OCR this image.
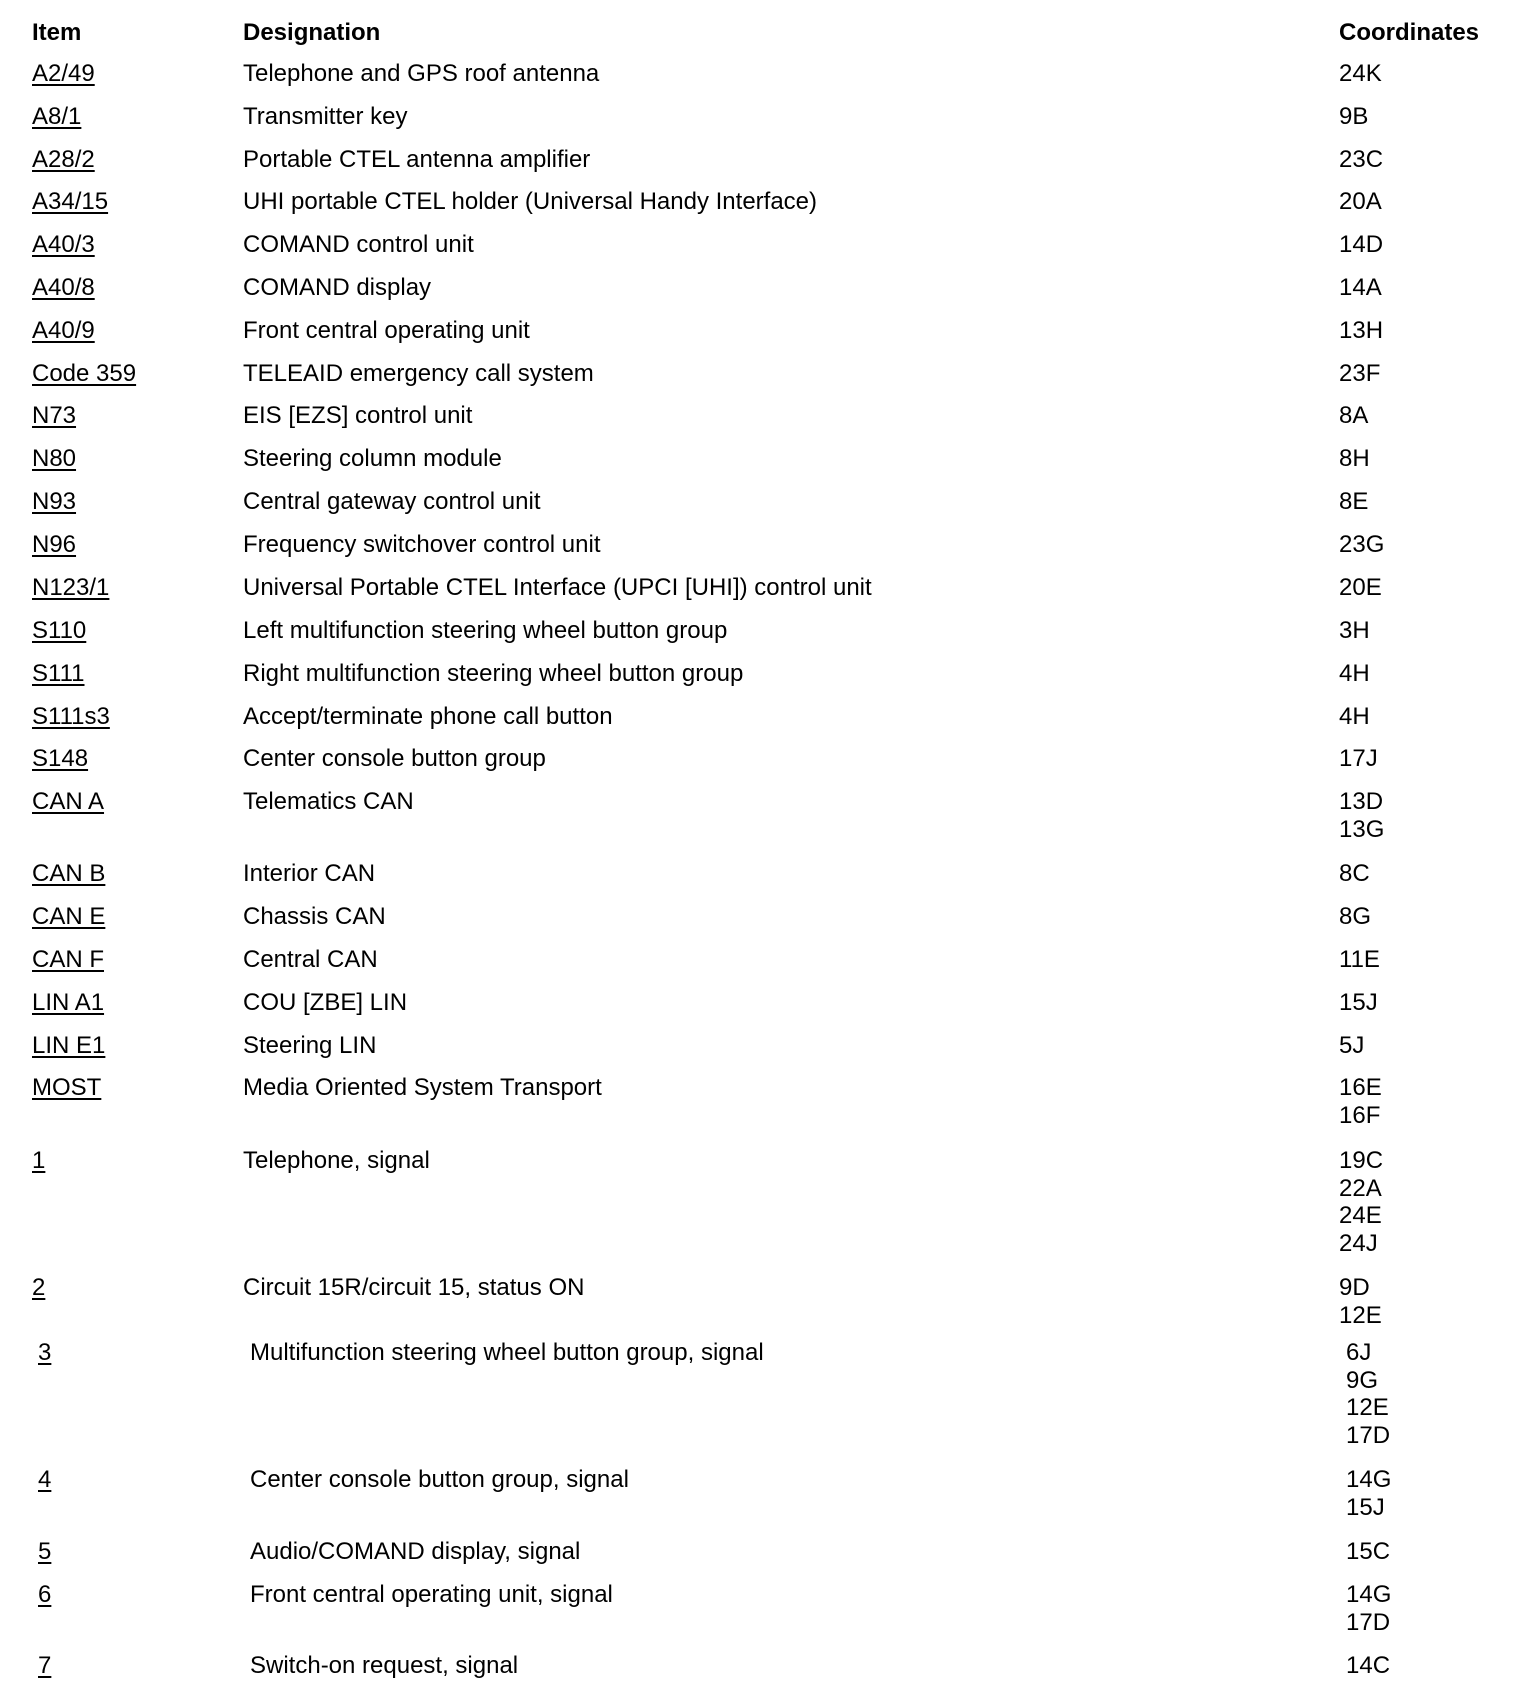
Item	Designation	Coordinates
A2/49	Telephone and GPS roof antenna	24K
A8/1	Transmitter key	9B
A28/2	Portable CTEL antenna amplifier	23C
A34/15	UHI portable CTEL holder (Universal Handy Interface)	20A
A40/3	COMAND control unit	14D
A40/8	COMAND display	14A
A40/9	Front central operating unit	13H
Code 359	TELEAID emergency call system	23F
N73	EIS [EZS] control unit	8A
N80	Steering column module	8H
N93	Central gateway control unit	8E
N96	Frequency switchover control unit	23G
N123/1	Universal Portable CTEL Interface (UPCI [UHI]) control unit	20E
S110	Left multifunction steering wheel button group	3H
S111	Right multifunction steering wheel button group	4H
S111s3	Accept/terminate phone call button	4H
S148	Center console button group	17J
CAN A	Telematics CAN	13D
13G
CAN B	Interior CAN	8C
CAN E	Chassis CAN	8G
CAN F	Central CAN	11E
LIN A1	COU [ZBE] LIN	15J
LIN E1	Steering LIN	5J
MOST	Media Oriented System Transport	16E
16F
1	Telephone, signal	19C
22A
24E
24J
2	Circuit 15R/circuit 15, status ON	9D
12E
3	Multifunction steering wheel button group, signal	6J
9G
12E
17D
4	Center console button group, signal	14G
15J
5	Audio/COMAND display, signal	15C
6	Front central operating unit, signal	14G
17D
7	Switch-on request, signal	14C
